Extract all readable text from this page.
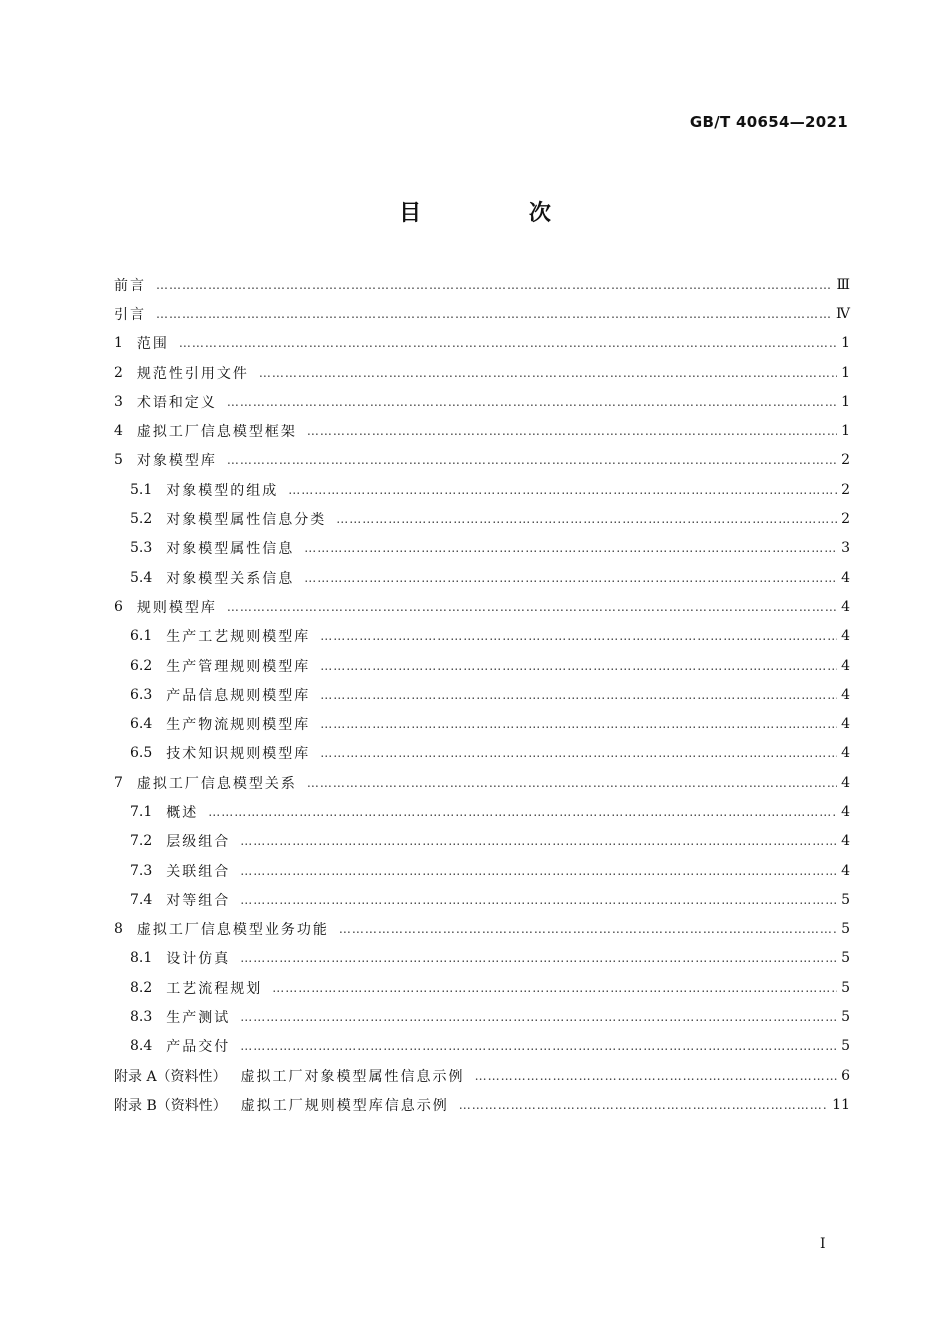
GB/T 40654—2021
目 次
前言 ……………………………………………………………………………………………………………………………………………………………………………………………………	Ⅲ
引言 ……………………………………………………………………………………………………………………………………………………………………………………………………	Ⅳ
1 范围 ……………………………………………………………………………………………………………………………………………………………………………………………………	1
2 规范性引用文件 ……………………………………………………………………………………………………………………………………………………………………………………………………	1
3 术语和定义 ……………………………………………………………………………………………………………………………………………………………………………………………………	1
4 虚拟工厂信息模型框架 ……………………………………………………………………………………………………………………………………………………………………………………………………	1
5 对象模型库 ……………………………………………………………………………………………………………………………………………………………………………………………………	2
5.1 对象模型的组成 ……………………………………………………………………………………………………………………………………………………………………………………………………	2
5.2 对象模型属性信息分类 ……………………………………………………………………………………………………………………………………………………………………………………………………	2
5.3 对象模型属性信息 ……………………………………………………………………………………………………………………………………………………………………………………………………	3
5.4 对象模型关系信息 ……………………………………………………………………………………………………………………………………………………………………………………………………	4
6 规则模型库 ……………………………………………………………………………………………………………………………………………………………………………………………………	4
6.1 生产工艺规则模型库 ……………………………………………………………………………………………………………………………………………………………………………………………………	4
6.2 生产管理规则模型库 ……………………………………………………………………………………………………………………………………………………………………………………………………	4
6.3 产品信息规则模型库 ……………………………………………………………………………………………………………………………………………………………………………………………………	4
6.4 生产物流规则模型库 ……………………………………………………………………………………………………………………………………………………………………………………………………	4
6.5 技术知识规则模型库 ……………………………………………………………………………………………………………………………………………………………………………………………………	4
7 虚拟工厂信息模型关系 ……………………………………………………………………………………………………………………………………………………………………………………………………	4
7.1 概述 ……………………………………………………………………………………………………………………………………………………………………………………………………	4
7.2 层级组合 ……………………………………………………………………………………………………………………………………………………………………………………………………	4
7.3 关联组合 ……………………………………………………………………………………………………………………………………………………………………………………………………	4
7.4 对等组合 ……………………………………………………………………………………………………………………………………………………………………………………………………	5
8 虚拟工厂信息模型业务功能 ……………………………………………………………………………………………………………………………………………………………………………………………………	5
8.1 设计仿真 ……………………………………………………………………………………………………………………………………………………………………………………………………	5
8.2 工艺流程规划 ……………………………………………………………………………………………………………………………………………………………………………………………………	5
8.3 生产测试 ……………………………………………………………………………………………………………………………………………………………………………………………………	5
8.4 产品交付 ……………………………………………………………………………………………………………………………………………………………………………………………………	5
附录 A（资料性） 虚拟工厂对象模型属性信息示例 ……………………………………………………………………………………………………………………………………………………………………………………………………	6
附录 B（资料性） 虚拟工厂规则模型库信息示例 ……………………………………………………………………………………………………………………………………………………………………………………………………	11
Ⅰ
